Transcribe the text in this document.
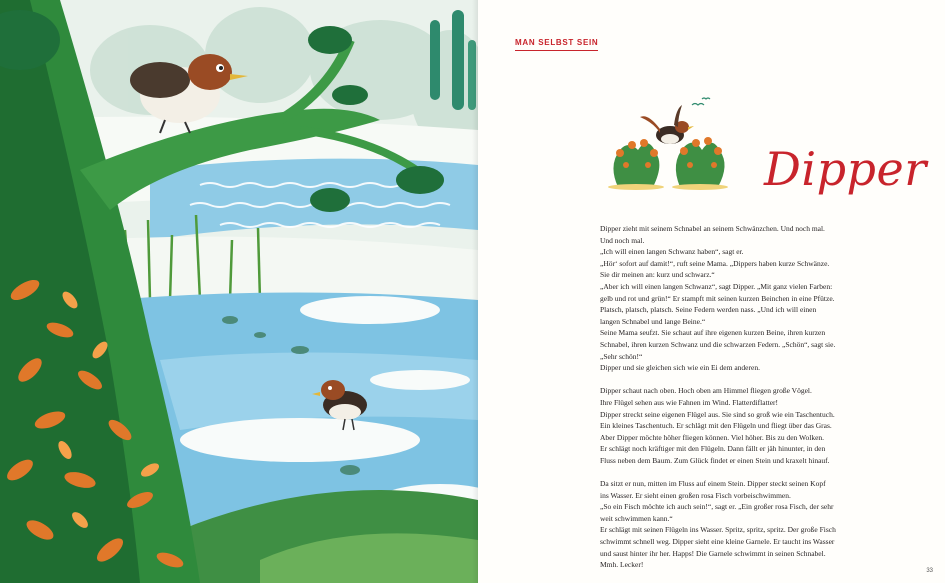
MAN SELBST SEIN
Dipper

Dipper zieht mit seinem Schnabel an seinem Schwänzchen. Und noch mal.

Und noch mal.

„Ich will einen langen Schwanz haben“, sagt er.

„Hör‘ sofort auf damit!“, ruft seine Mama. „Dippers haben kurze Schwänze.

Sie dir meinen an: kurz und schwarz.“

„Aber ich will einen langen Schwanz“, sagt Dipper. „Mit ganz vielen Farben:

gelb und rot und grün!“ Er stampft mit seinen kurzen Beinchen in eine Pfütze.

Platsch, platsch, platsch. Seine Federn werden nass. „Und ich will einen

langen Schnabel und lange Beine.“

Seine Mama seufzt. Sie schaut auf ihre eigenen kurzen Beine, ihren kurzen

Schnabel, ihren kurzen Schwanz und die schwarzen Federn. „Schön“, sagt sie.

„Sehr schön!“

Dipper und sie gleichen sich wie ein Ei dem anderen.

Dipper schaut nach oben. Hoch oben am Himmel fliegen große Vögel.

Ihre Flügel sehen aus wie Fahnen im Wind. Flatterdiflatter!

Dipper streckt seine eigenen Flügel aus. Sie sind so groß wie ein Taschentuch.

Ein kleines Taschentuch. Er schlägt mit den Flügeln und fliegt über das Gras.

Aber Dipper möchte höher fliegen können. Viel höher. Bis zu den Wolken.

Er schlägt noch kräftiger mit den Flügeln. Dann fällt er jäh hinunter, in den

Fluss neben dem Baum. Zum Glück findet er einen Stein und kraxelt hinauf.

Da sitzt er nun, mitten im Fluss auf einem Stein. Dipper steckt seinen Kopf

ins Wasser. Er sieht einen großen rosa Fisch vorbeischwimmen.

„So ein Fisch möchte ich auch sein!“, sagt er. „Ein großer rosa Fisch, der sehr

weit schwimmen kann.“

Er schlägt mit seinen Flügeln ins Wasser. Spritz, spritz, spritz. Der große Fisch

schwimmt schnell weg. Dipper sieht eine kleine Garnele. Er taucht ins Wasser

und saust hinter ihr her. Happs! Die Garnele schwimmt in seinen Schnabel.

Mmh. Lecker!

33
